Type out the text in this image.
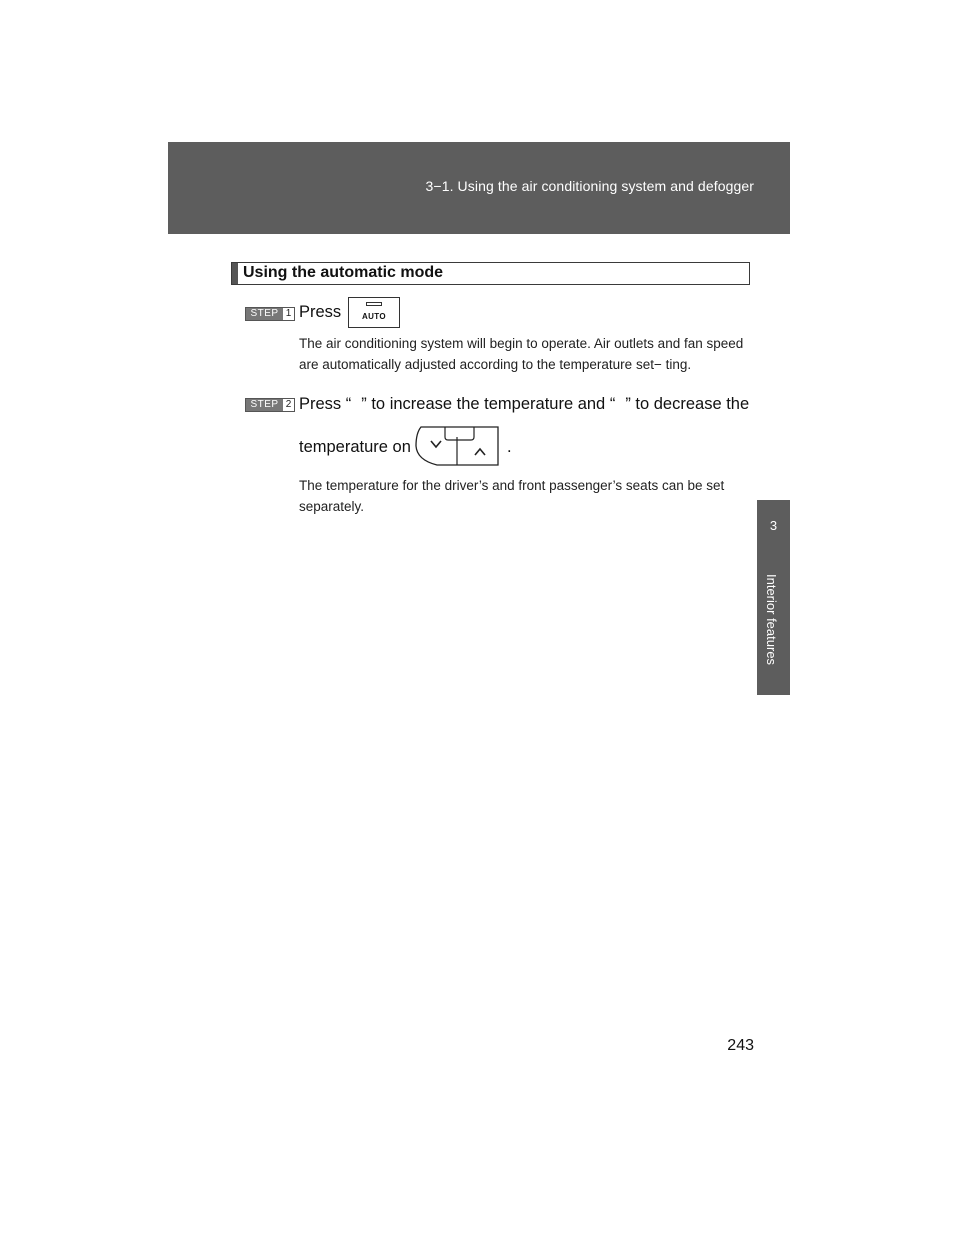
3−1. Using the air conditioning system and defogger
3
Interior features
Using the automatic mode
STEP 1 Press	AUTO
The air conditioning system will begin to operate. Air outlets and fan speed are automatically adjusted according to the temperature set− ting.
STEP 2 Press “ ” to increase the temperature and “ ” to decrease the
temperature on	.
The temperature for the driver’s and front passenger’s seats can be set separately.
243
